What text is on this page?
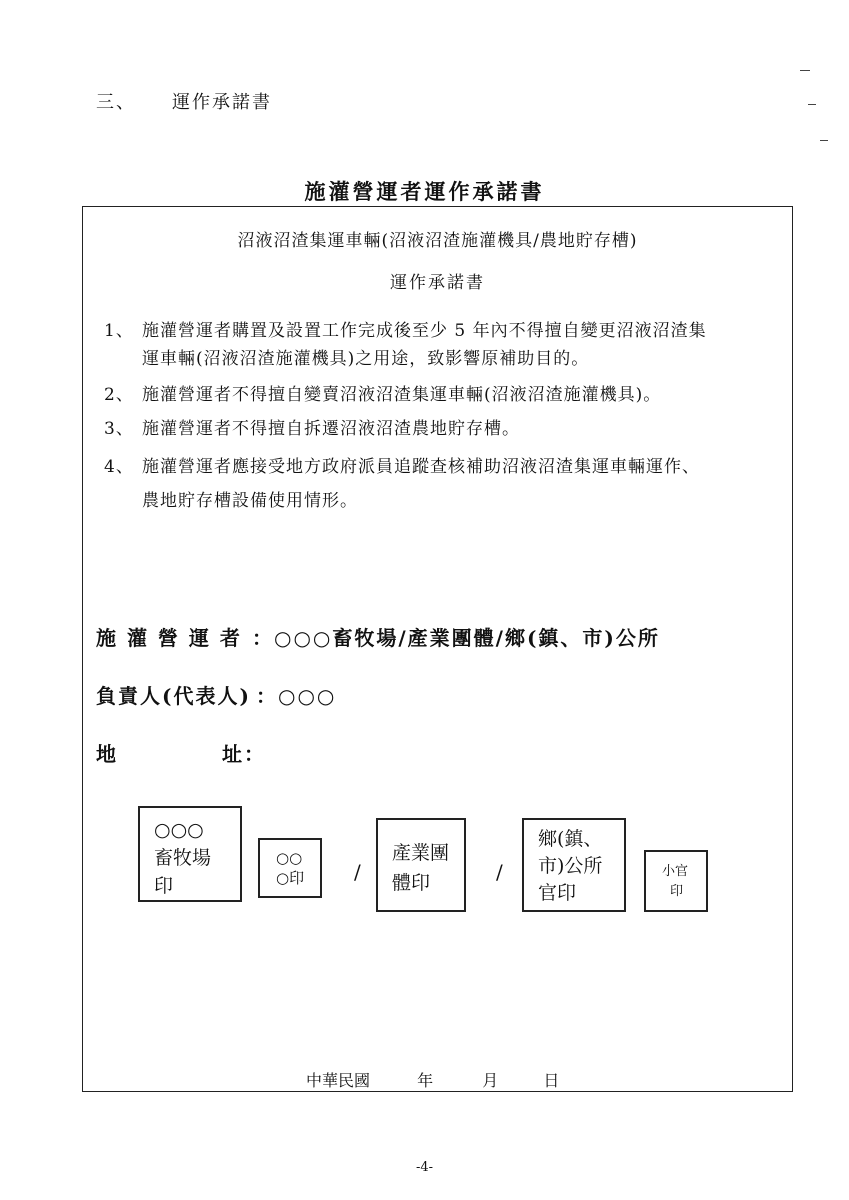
三、 運作承諾書
施灌營運者運作承諾書
沼液沼渣集運車輛(沼液沼渣施灌機具/農地貯存槽)
運作承諾書
1、 施灌營運者購置及設置工作完成後至少 5 年內不得擅自變更沼液沼渣集
運車輛(沼液沼渣施灌機具)之用途，致影響原補助目的。
2、 施灌營運者不得擅自變賣沼液沼渣集運車輛(沼液沼渣施灌機具)。
3、 施灌營運者不得擅自拆遷沼液沼渣農地貯存槽。
4、 施灌營運者應接受地方政府派員追蹤查核補助沼液沼渣集運車輛運作、
農地貯存槽設備使用情形。
施 灌 營 運 者 ：○○○畜牧場/產業團體/鄉(鎮、市)公所
負責人(代表人) ：○○○
地	址：
○○○
畜牧場
印
○○
○印	/
產業團
體印	/
鄉(鎮、
市)公所
官印
小官
印
中華民國	年	月	日
-4-
